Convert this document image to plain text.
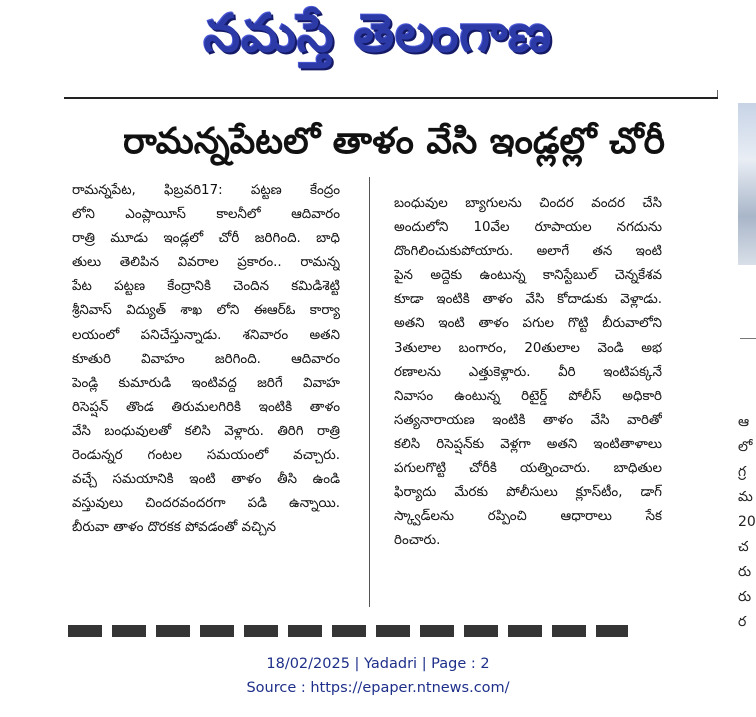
నమస్తే తెలంగాణ
ఆ
లో
గ్ర
మ
20
చ
రు
రు
ర
రామన్నపేటలో తాళం వేసి ఇండ్లల్లో చోరీ
రామన్నపేట, ఫిబ్రవరి17: పట్టణ కేంద్రం
లోని ఎంప్లాయీస్ కాలనీలో ఆదివారం
రాత్రి మూడు ఇండ్లలో చోరీ జరిగింది. బాధి
తులు తెలిపిన వివరాల ప్రకారం.. రామన్న
పేట పట్టణ కేంద్రానికి చెందిన కమిడిశెట్టి
శ్రీనివాస్ విద్యుత్ శాఖ లోని ఈఆర్‌ఓ కార్యా
లయంలో పనిచేస్తున్నాడు. శనివారం అతని
కూతురి వివాహం జరిగింది. ఆదివారం
పెండ్లి కుమారుడి ఇంటివద్ద జరిగే వివాహ
రిసెప్షన్ తొండ తిరుమలగిరికి ఇంటికి తాళం
వేసి బంధువులతో కలిసి వెళ్లారు. తిరిగి రాత్రి
రెండున్నర గంటల సమయంలో వచ్చారు.
వచ్చే సమయానికి ఇంటి తాళం తీసి ఉండి
వస్తువులు చిందరవందరగా పడి ఉన్నాయి.
బీరువా తాళం దొరకక పోవడంతో వచ్చిన
బంధువుల బ్యాగులను చిందర వందర చేసి
అందులోని 10వేల రూపాయల నగదును
దొంగిలించుకుపోయారు. అలాగే తన ఇంటి
పైన అద్దెకు ఉంటున్న కానిస్టేబుల్ చెన్నకేశవ
కూడా ఇంటికి తాళం వేసి కోదాడుకు వెళ్లాడు.
అతని ఇంటి తాళం పగుల గొట్టి బీరువాలోని
3తులాల బంగారం, 20తులాల వెండి అభ
రణాలను ఎత్తుకెళ్లారు. వీరి ఇంటిపక్కనే
నివాసం ఉంటున్న రిటైర్డ్ పోలీస్ అధికారి
సత్యనారాయణ ఇంటికి తాళం వేసి వారితో
కలిసి రిసెప్షన్‌కు వెళ్లగా అతని ఇంటితాళాలు
పగులగొట్టి చోరీకి యత్నించారు. బాధితుల
ఫిర్యాదు మేరకు పోలీసులు క్లూస్‌టీం, డాగ్
స్క్వాడ్‌లను రప్పించి ఆధారాలు సేక
రించారు.
18/02/2025 | Yadadri | Page : 2
Source : https://epaper.ntnews.com/
